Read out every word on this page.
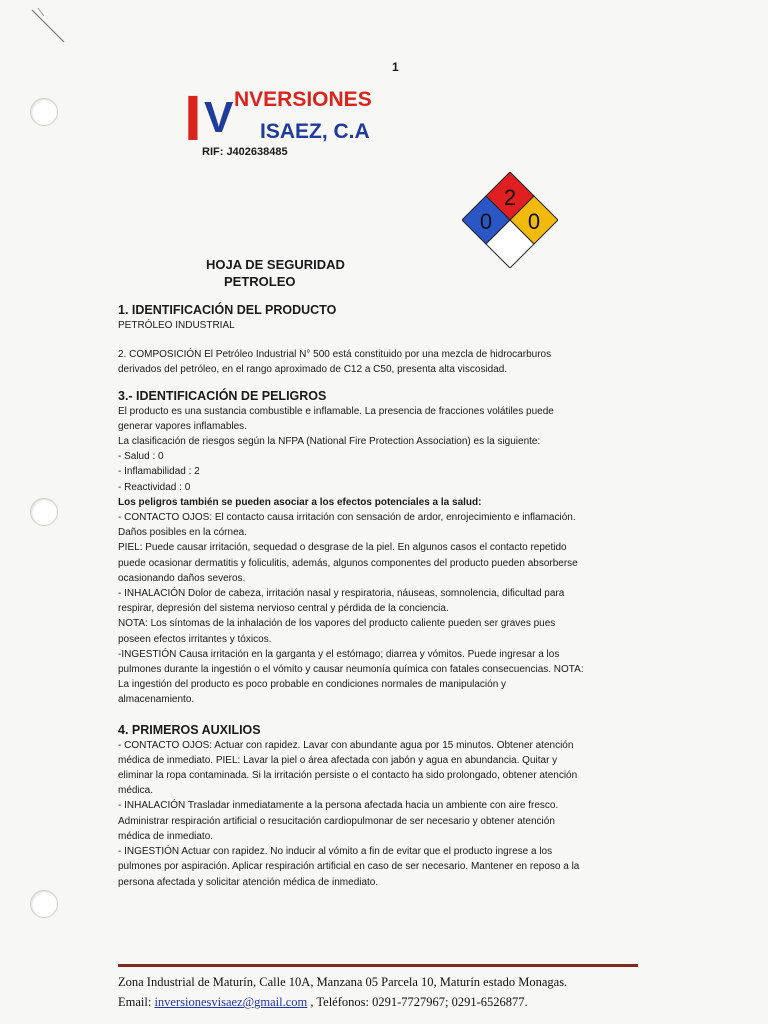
1
I V NVERSIONES
ISAEZ, C.A
RIF: J402638485
2
0 0
HOJA DE SEGURIDAD
PETROLEO

1. IDENTIFICACIÓN DEL PRODUCTO

PETRÓLEO INDUSTRIAL

2. COMPOSICIÓN El Petróleo Industrial N° 500 está constituido por una mezcla de hidrocarburos

derivados del petróleo, en el rango aproximado de C12 a C50, presenta alta viscosidad.

3.- IDENTIFICACIÓN DE PELIGROS

El producto es una sustancia combustible e inflamable. La presencia de fracciones volátiles puede

generar vapores inflamables.

La clasificación de riesgos según la NFPA (National Fire Protection Association) es la siguiente:

- Salud : 0

- Inflamabilidad : 2

- Reactividad : 0

Los peligros también se pueden asociar a los efectos potenciales a la salud:

- CONTACTO OJOS: El contacto causa irritación con sensación de ardor, enrojecimiento e inflamación.

Daños posibles en la córnea.

PIEL: Puede causar irritación, sequedad o desgrase de la piel. En algunos casos el contacto repetido

puede ocasionar dermatitis y foliculitis, además, algunos componentes del producto pueden absorberse

ocasionando daños severos.

- INHALACIÓN Dolor de cabeza, irritación nasal y respiratoria, náuseas, somnolencia, dificultad para

respirar, depresión del sistema nervioso central y pérdida de la conciencia.

NOTA: Los síntomas de la inhalación de los vapores del producto caliente pueden ser graves pues

poseen efectos irritantes y tóxicos.

-INGESTIÓN Causa irritación en la garganta y el estómago; diarrea y vómitos. Puede ingresar a los

pulmones durante la ingestión o el vómito y causar neumonía química con fatales consecuencias. NOTA:

La ingestión del producto es poco probable en condiciones normales de manipulación y

almacenamiento.

4. PRIMEROS AUXILIOS

- CONTACTO OJOS: Actuar con rapidez. Lavar con abundante agua por 15 minutos. Obtener atención

médica de inmediato. PIEL: Lavar la piel o área afectada con jabón y agua en abundancia. Quitar y

eliminar la ropa contaminada. Si la irritación persiste o el contacto ha sido prolongado, obtener atención

médica.

- INHALACIÓN Trasladar inmediatamente a la persona afectada hacia un ambiente con aire fresco.

Administrar respiración artificial o resucitación cardiopulmonar de ser necesario y obtener atención

médica de inmediato.

- INGESTIÓN Actuar con rapidez. No inducir al vómito a fin de evitar que el producto ingrese a los

pulmones por aspiración. Aplicar respiración artificial en caso de ser necesario. Mantener en reposo a la

persona afectada y solicitar atención médica de inmediato.

Zona Industrial de Maturín, Calle 10A, Manzana 05 Parcela 10, Maturín estado Monagas.
Email: inversionesvisaez@gmail.com , Teléfonos: 0291-7727967; 0291-6526877.
